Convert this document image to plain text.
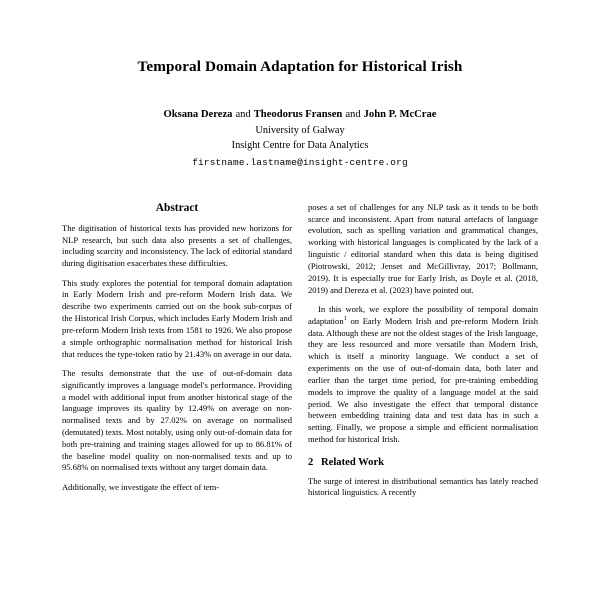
Temporal Domain Adaptation for Historical Irish
Oksana Dereza and Theodorus Fransen and John P. McCrae
University of Galway
Insight Centre for Data Analytics
firstname.lastname@insight-centre.org
Abstract

The digitisation of historical texts has provided new horizons for NLP research, but such data also presents a set of challenges, including scarcity and inconsistency. The lack of editorial standard during digitisation exacerbates these difficulties.

This study explores the potential for temporal domain adaptation in Early Modern Irish and pre-reform Modern Irish data. We describe two experiments carried out on the book sub-corpus of the Historical Irish Corpus, which includes Early Modern Irish and pre-reform Modern Irish texts from 1581 to 1926. We also propose a simple orthographic normalisation method for historical Irish that reduces the type-token ratio by 21.43% on average in our data.

The results demonstrate that the use of out-of-domain data significantly improves a language model's performance. Providing a model with additional input from another historical stage of the language improves its quality by 12.49% on average on non-normalised texts and by 27.02% on average on normalised (demutated) texts. Most notably, using only out-of-domain data for both pre-training and training stages allowed for up to 86.81% of the baseline model quality on non-normalised texts and up to 95.68% on normalised texts without any target domain data.

Additionally, we investigate the effect of tem-

poses a set of challenges for any NLP task as it tends to be both scarce and inconsistent. Apart from natural artefacts of language evolution, such as spelling variation and grammatical changes, working with historical languages is complicated by the lack of a linguistic / editorial standard when this data is being digitised (Piotrowski, 2012; Jenset and McGillivray, 2017; Bollmann, 2019). It is especially true for Early Irish, as Doyle et al. (2018, 2019) and Dereza et al. (2023) have pointed out.

In this work, we explore the possibility of temporal domain adaptation$^1$ on Early Modern Irish and pre-reform Modern Irish data. Although these are not the oldest stages of the Irish language, they are less resourced and more versatile than Modern Irish, which is itself a minority language. We conduct a set of experiments on the use of out-of-domain data, both later and earlier than the target time period, for pre-training embedding models to improve the quality of a language model at the said period. We also investigate the effect that temporal distance between embedding training data and test data has in such a setting. Finally, we propose a simple and efficient normalisation method for historical Irish.

2 Related Work

The surge of interest in distributional semantics has lately reached historical linguistics. A recently
